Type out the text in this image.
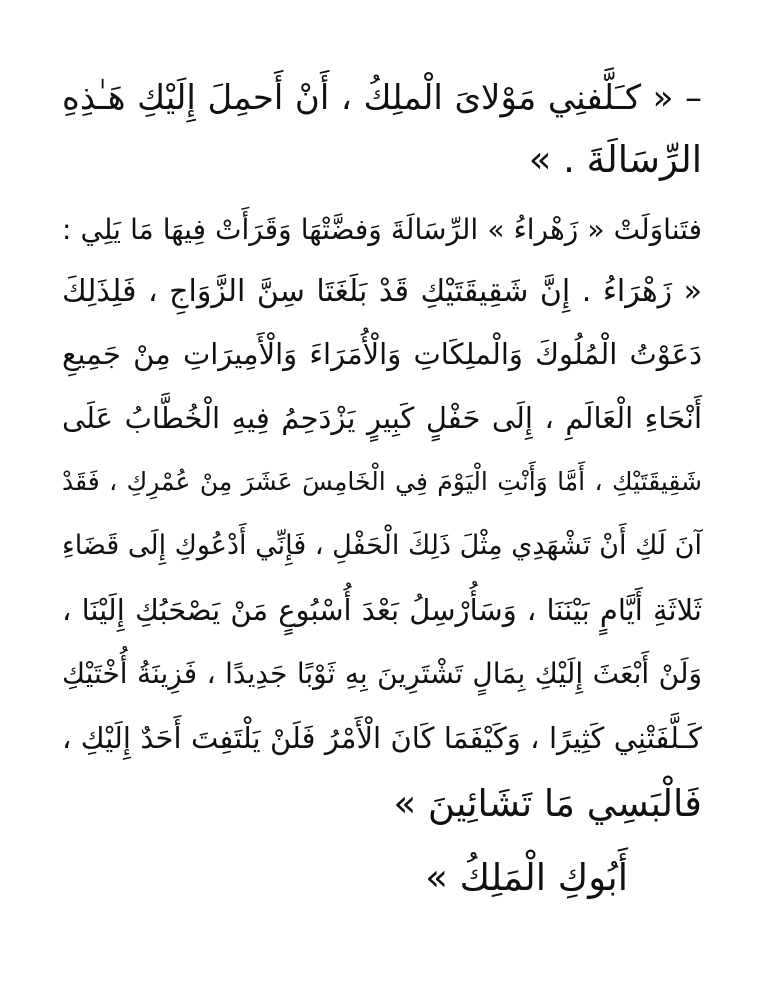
– « كـَلَّفنِي مَوْلاىَ الْملِكُ ، أَنْ أَحمِلَ إِلَيْكِ هَـٰذِهِ
الرِّسَالَةَ . »
فتَناوَلَتْ « زَهْراءُ » الرِّسَالَةَ وَفضَّتْهَا وَقَرَأَتْ فِيهَا مَا يَلِي :
« زَهْرَاءُ . إِنَّ شَقِيقَتَيْكِ قَدْ بَلَغَتَا سِنَّ الزَّوَاجِ ، فَلِذَلِكَ
دَعَوْتُ الْمُلُوكَ وَالْملِكَاتِ وَالْأُمَرَاءَ وَالْأَمِيرَاتِ مِنْ جَمِيعِ
أَنْحَاءِ الْعَالَمِ ، إِلَى حَفْلٍ كَبِيرٍ يَزْدَحِمُ فِيهِ الْخُطَّابُ عَلَى
شَقِيقَتَيْكِ ، أَمَّا وَأَنْتِ الْيَوْمَ فِي الْخَامِسَ عَشَرَ مِنْ عُمْرِكِ ، فَقَدْ
آنَ لَكِ أَنْ تَشْهَدِي مِثْلَ ذَلِكَ الْحَفْلِ ، فَإِنِّي أَدْعُوكِ إِلَى قَضَاءِ
ثَلاثَةِ أَيَّامٍ بَيْنَنَا ، وَسَأُرْسِلُ بَعْدَ أُسْبُوعٍ مَنْ يَصْحَبُكِ إِلَيْنَا ،
وَلَنْ أَبْعَثَ إِلَيْكِ بِمَالٍ تَشْتَرِينَ بِهِ ثَوْبًا جَدِيدًا ، فَزِينَةُ أُخْتَيْكِ
كَـلَّفَتْنِي كَثِيرًا ، وَكَيْفَمَا كَانَ الْأَمْرُ فَلَنْ يَلْتَفِتَ أَحَدٌ إِلَيْكِ ،
فَالْبَسِي مَا تَشَائِينَ »
أَبُوكِ الْمَلِكُ »
